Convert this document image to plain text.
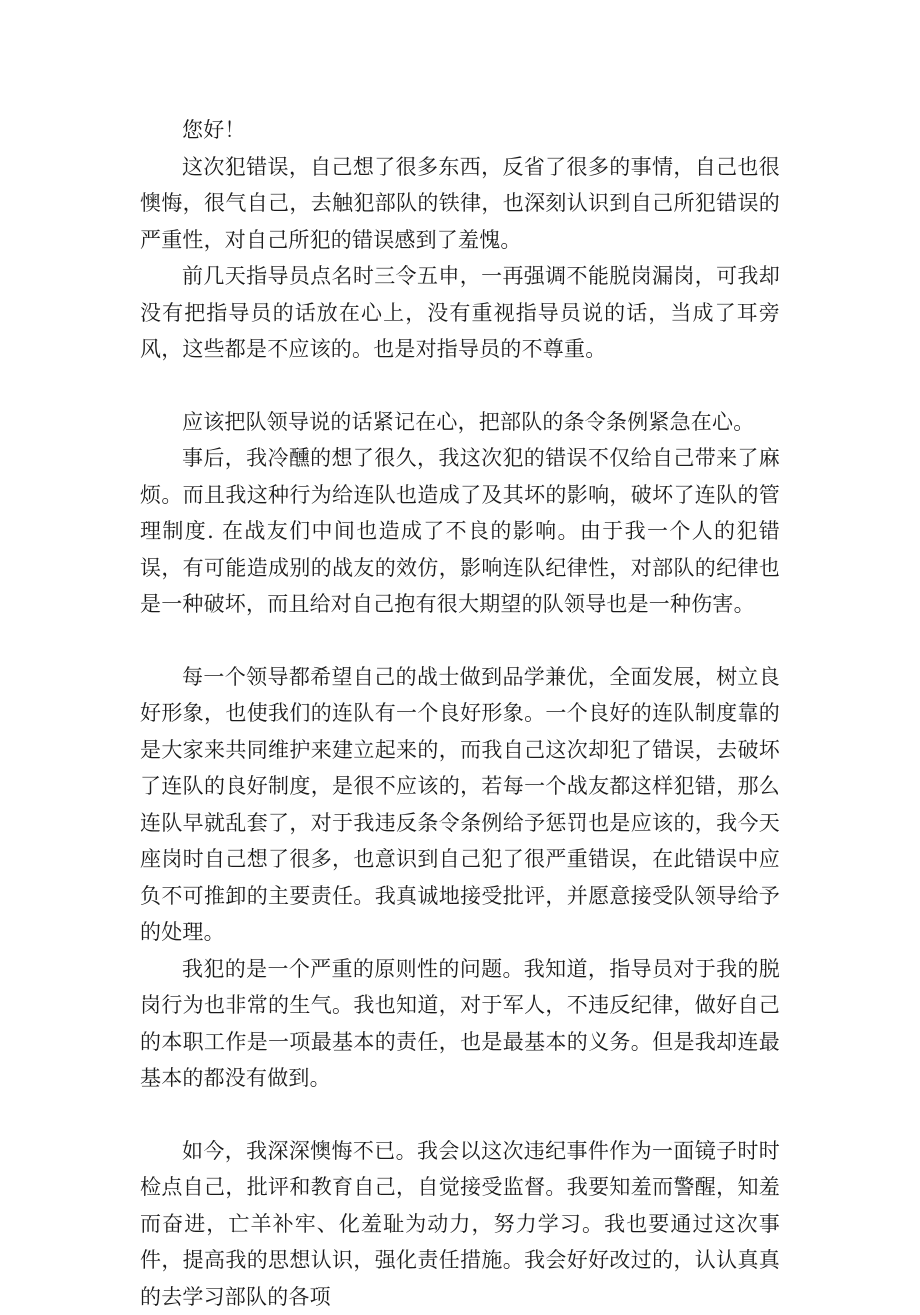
您好！

这次犯错误，自己想了很多东西，反省了很多的事情，自己也很懊悔，很气自己，去触犯部队的铁律，也深刻认识到自己所犯错误的严重性，对自己所犯的错误感到了羞愧。

前几天指导员点名时三令五申，一再强调不能脱岗漏岗，可我却没有把指导员的话放在心上，没有重视指导员说的话，当成了耳旁风，这些都是不应该的。也是对指导员的不尊重。

应该把队领导说的话紧记在心，把部队的条令条例紧急在心。

事后，我冷醺的想了很久，我这次犯的错误不仅给自己带来了麻烦。而且我这种行为给连队也造成了及其坏的影响，破坏了连队的管理制度. 在战友们中间也造成了不良的影响。由于我一个人的犯错误，有可能造成别的战友的效仿，影响连队纪律性，对部队的纪律也是一种破坏，而且给对自己抱有很大期望的队领导也是一种伤害。

每一个领导都希望自己的战士做到品学兼优，全面发展，树立良好形象，也使我们的连队有一个良好形象。一个良好的连队制度靠的是大家来共同维护来建立起来的，而我自己这次却犯了错误，去破坏了连队的良好制度，是很不应该的，若每一个战友都这样犯错，那么连队早就乱套了，对于我违反条令条例给予惩罚也是应该的，我今天座岗时自己想了很多，也意识到自己犯了很严重错误，在此错误中应负不可推卸的主要责任。我真诚地接受批评，并愿意接受队领导给予的处理。

我犯的是一个严重的原则性的问题。我知道，指导员对于我的脱岗行为也非常的生气。我也知道，对于军人，不违反纪律，做好自己的本职工作是一项最基本的责任，也是最基本的义务。但是我却连最基本的都没有做到。

如今，我深深懊悔不已。我会以这次违纪事件作为一面镜子时时检点自己，批评和教育自己，自觉接受监督。我要知羞而警醒，知羞而奋进，亡羊补牢、化羞耻为动力，努力学习。我也要通过这次事件，提高我的思想认识，强化责任措施。我会好好改过的，认认真真的去学习部队的各项
